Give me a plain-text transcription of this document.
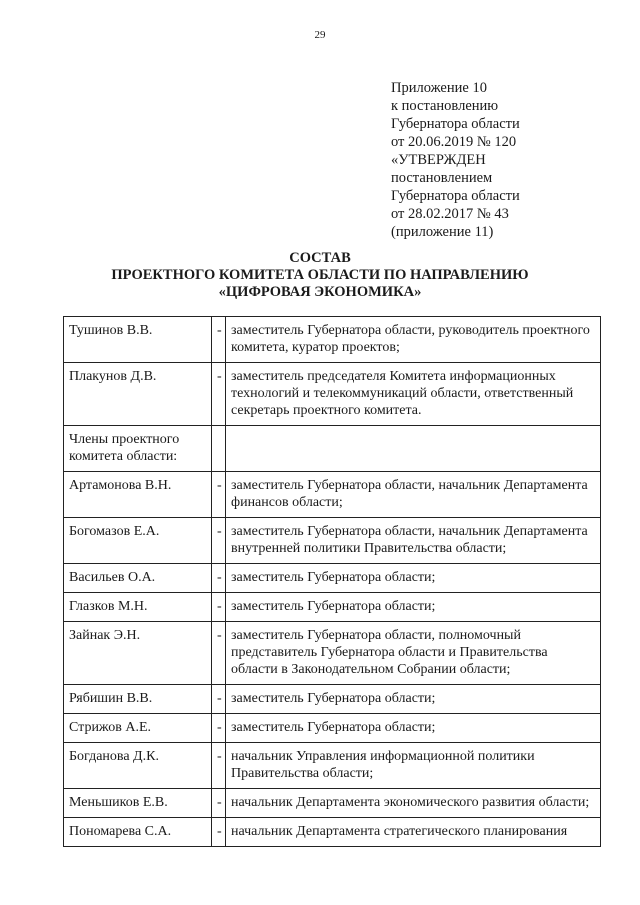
29
Приложение 10
к постановлению
Губернатора области
от 20.06.2019 № 120
«УТВЕРЖДЕН
постановлением
Губернатора области
от 28.02.2017 № 43
(приложение 11)
СОСТАВ
ПРОЕКТНОГО КОМИТЕТА ОБЛАСТИ ПО НАПРАВЛЕНИЮ
«ЦИФРОВАЯ ЭКОНОМИКА»
Тушинов В.В.	-	заместитель Губернатора области, руководитель проектного комитета, куратор проектов;
Плакунов Д.В.	-	заместитель председателя Комитета информационных технологий и телекоммуникаций области, ответственный секретарь проектного комитета.
Члены проектного комитета области:		
Артамонова В.Н.	-	заместитель Губернатора области, начальник Департамента финансов области;
Богомазов Е.А.	-	заместитель Губернатора области, начальник Департамента внутренней политики Правительства области;
Васильев О.А.	-	заместитель Губернатора области;
Глазков М.Н.	-	заместитель Губернатора области;
Зайнак Э.Н.	-	заместитель Губернатора области, полномочный представитель Губернатора области и Правительства области в Законодательном Собрании области;
Рябишин В.В.	-	заместитель Губернатора области;
Стрижов А.Е.	-	заместитель Губернатора области;
Богданова Д.К.	-	начальник Управления информационной политики Правительства области;
Меньшиков Е.В.	-	начальник Департамента экономического развития области;
Пономарева С.А.	-	начальник Департамента стратегического планирования
